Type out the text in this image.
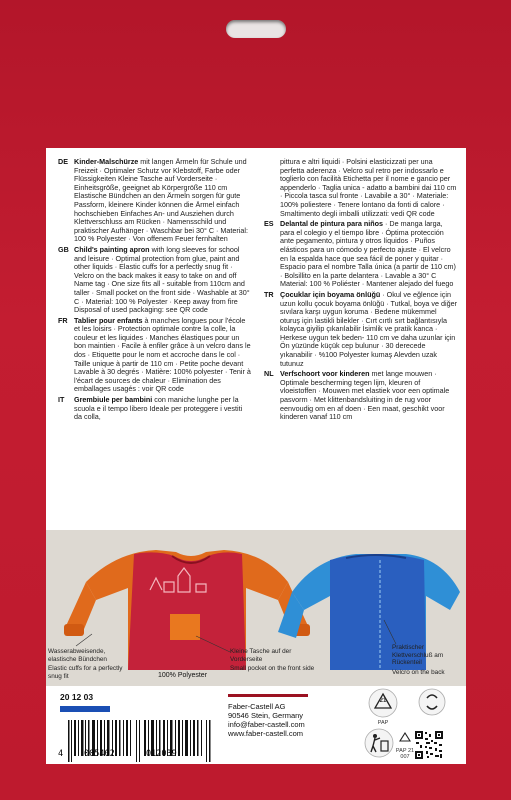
DE Kinder-Malschürze mit langen Ärmeln für Schule und Freizeit · Optimaler Schutz vor Klebstoff, Farbe oder Flüssigkeiten Kleine Tasche auf Vorderseite · Einheitsgröße, geeignet ab Körpergröße 110 cm Elastische Bündchen an den Ärmeln sorgen für gute Passform, kleinere Kinder können die Ärmel einfach hochschieben Einfaches An- und Ausziehen durch Klettverschluss am Rücken · Namensschild und praktischer Aufhänger · Waschbar bei 30° C · Material: 100 % Polyester · Von offenem Feuer fernhalten
GB Child's painting apron with long sleeves for school and leisure · Optimal protection from glue, paint and other liquids · Elastic cuffs for a perfectly snug fit · Velcro on the back makes it easy to take on and off Name tag · One size fits all - suitable from 110cm and taller · Small pocket on the front side · Washable at 30° C · Material: 100 % Polyester · Keep away from fire Disposal of used packaging: see QR code
FR Tablier pour enfants à manches longues pour l'école et les loisirs · Protection optimale contre la colle, la couleur et les liquides · Manches élastiques pour un bon maintien · Facile à enfiler grâce à un velcro dans le dos · Etiquette pour le nom et accroche dans le col · Taille unique à partir de 110 cm · Petite poche devant Lavable à 30 degrés · Matière: 100% polyester · Tenir à l'écart de sources de chaleur · Elimination des emballages usagés : voir QR code
IT	Grembiule per bambini con maniche lunghe per la scuola e il tempo libero Ideale per proteggere i vestiti da colla,
pittura e altri liquidi · Polsini elasticizzati per una perfetta aderenza · Velcro sul retro per indossarlo e toglierlo con facilità Etichetta per il nome e gancio per appenderlo · Taglia unica - adatto a bambini dai 110 cm · Piccola tasca sul fronte · Lavabile a 30° · Materiale: 100% poliestere · Tenere lontano da fonti di calore · Smaltimento degli imballi utilizzati: vedi QR code
ES Delantal de pintura para niños · De manga larga, para el colegio y el tiempo libre · Óptima protección ante pegamento, pintura y otros líquidos · Puños elásticos para un cómodo y perfecto ajuste · El velcro en la espalda hace que sea fácil de poner y quitar · Espacio para el nombre Talla única (a partir de 110 cm) · Bolsillito en la parte delantera · Lavable a 30° C Material: 100 % Poliéster · Mantener alejado del fuego
TR Çocuklar için boyama önlüğü · Okul ve eğlence için uzun kollu çocuk boyama önlüğü · Tutkal, boya ve diğer sıvılara karşı uygun koruma · Bedene mükemmel oturuş için lastikli bilekler · Cırt cırtlı sırt bağlantısıyla kolayca giyilip çıkarılabilir İsimlik ve pratik kanca · Herkese uygun tek beden- 110 cm ve daha uzunlar için Ön yüzünde küçük cep bulunur · 30 derecede yıkanabilir · %100 Polyester kumaş Alevden uzak tutunuz
NL Verfschoort voor kinderen met lange mouwen · Optimale bescherming tegen lijm, kleuren of vloeistoffen · Mouwen met elastiek voor een optimale pasvorm · Met klittenbandsluiting in de rug voor eenvoudig om en af doen · Een maat, geschikt voor kinderen vanaf 110 cm
Wasserabweisende, elastische Bündchen
Elastic cuffs for a perfectly snug fit
Kleine Tasche auf der Vorderseite
Small pocket on the front side
Praktischer Klettverschluß am Rückenteil
Velcro on the back
100% Polyester
20 12 03
4 005402	012039
Faber-Castell AG
90546 Stein, Germany
info@faber-castell.com
www.faber-castell.com
21
PAP
PAP 21
007
